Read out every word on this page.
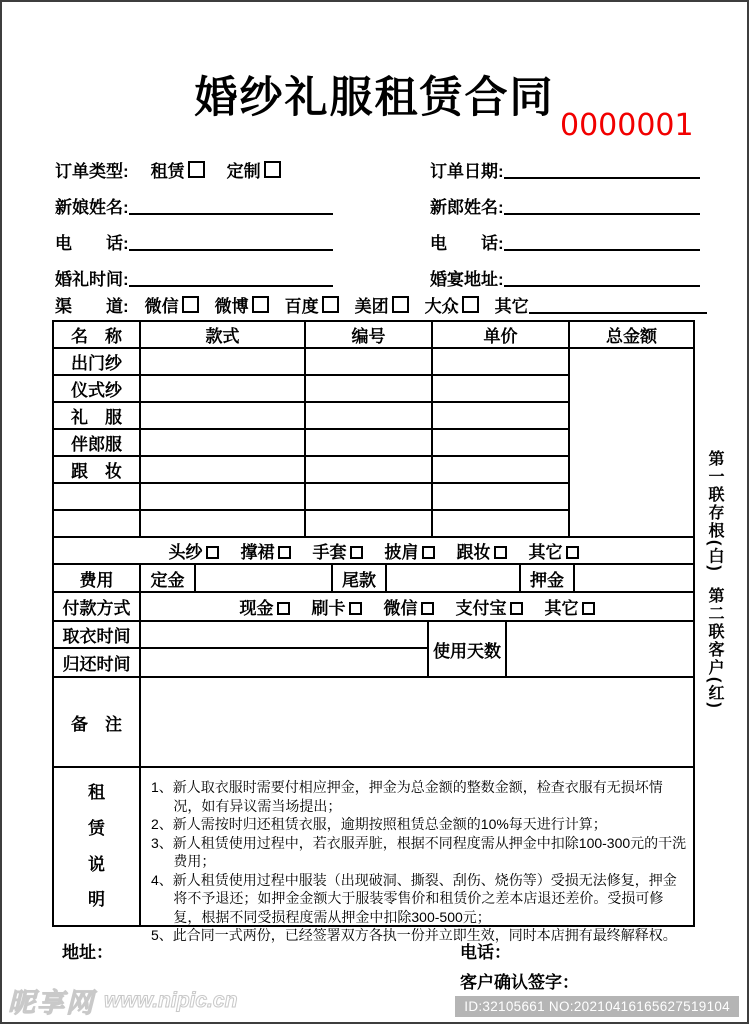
婚纱礼服租赁合同
0000001
订单类型: 租赁	定制	订单日期:
新娘姓名:	新郎姓名:
电　　话:	电　　话:
婚礼时间:	婚宴地址:
渠　　道: 微信	微博	百度	美团	大众	其它
名　称	款式	编号	单价	总金额
出门纱
仪式纱
礼　服
伴郎服
跟　妆
头纱	撑裙	手套	披肩	跟妆	其它
费用	定金	尾款	押金
付款方式	现金	刷卡	微信	支付宝	其它
取衣时间
归还时间
使用天数
备　注
租赁说明
1、新人取衣服时需要付相应押金，押金为总金额的整数金额，检查衣服有无损坏情况，如有异议需当场提出；
2、新人需按时归还租赁衣服，逾期按照租赁总金额的10%每天进行计算；
3、新人租赁使用过程中，若衣服弄脏，根据不同程度需从押金中扣除100-300元的干洗费用；
4、新人租赁使用过程中服装（出现破洞、撕裂、刮伤、烧伤等）受损无法修复，押金将不予退还；如押金金额大于服装零售价和租赁价之差本店退还差价。受损可修复，根据不同受损程度需从押金中扣除300-500元；
5、此合同一式两份，已经签署双方各执一份并立即生效，同时本店拥有最终解释权。
第一联存根(白)
第二联客户(红)
地址：	电话：
客户确认签字：
昵享网 www.nipic.cn	ID:32105661 NO:20210416165627519104
